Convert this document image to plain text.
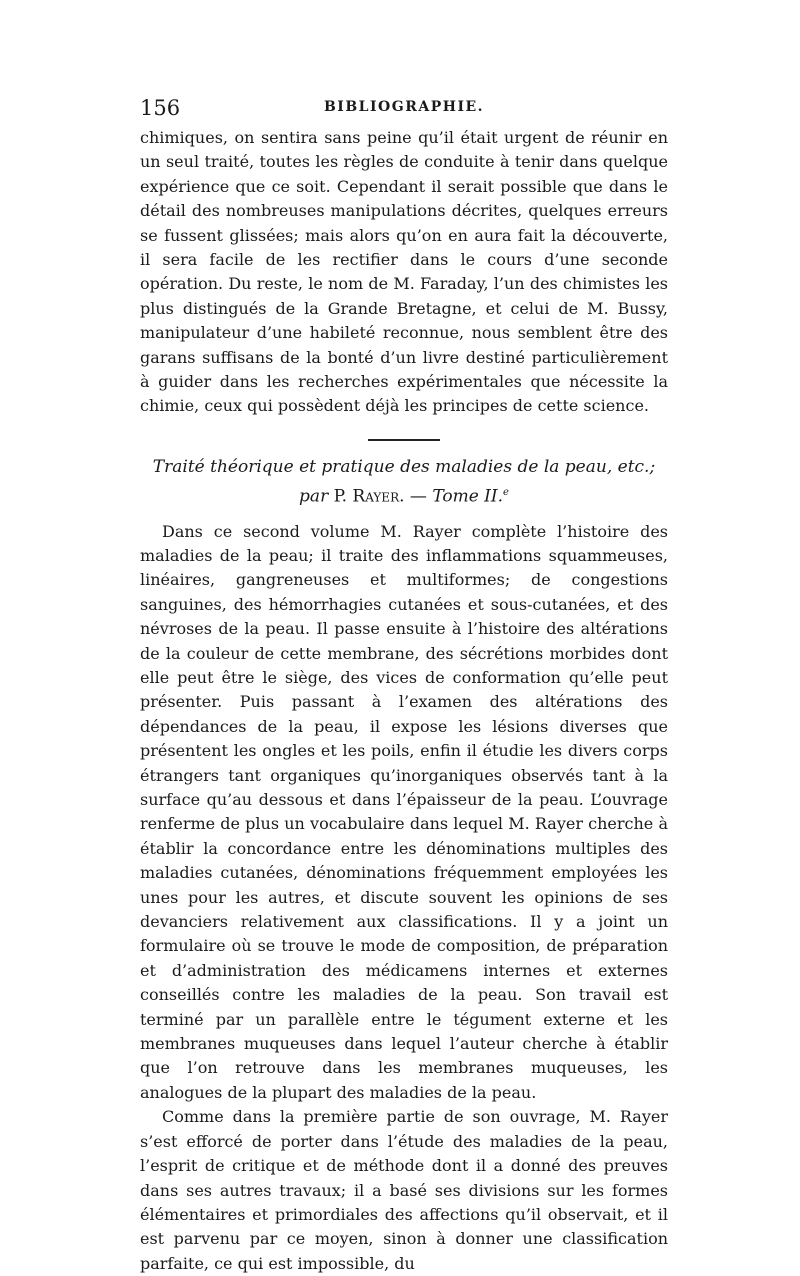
156	BIBLIOGRAPHIE.

chimiques, on sentira sans peine qu’il était urgent de réunir en un seul traité, toutes les règles de conduite à tenir dans quelque expérience que ce soit. Cependant il serait possible que dans le détail des nombreuses manipulations décrites, quelques erreurs se fussent glissées; mais alors qu’on en aura fait la découverte, il sera facile de les rectifier dans le cours d’une seconde opération. Du reste, le nom de M. Faraday, l’un des chimistes les plus distingués de la Grande Bretagne, et celui de M. Bussy, manipulateur d’une habileté reconnue, nous semblent être des garans suffisans de la bonté d’un livre destiné particulièrement à guider dans les recherches expérimentales que nécessite la chimie, ceux qui possèdent déjà les principes de cette science.

Traité théorique et pratique des maladies de la peau, etc.;
par P. Rayer. — Tome II.$^e$

Dans ce second volume M. Rayer complète l’histoire des maladies de la peau; il traite des inflammations squammeuses, linéaires, gangreneuses et multiformes; de congestions sanguines, des hémorrhagies cutanées et sous-cutanées, et des névroses de la peau. Il passe ensuite à l’histoire des altérations de la couleur de cette membrane, des sécrétions morbides dont elle peut être le siège, des vices de conformation qu’elle peut présenter. Puis passant à l’examen des altérations des dépendances de la peau, il expose les lésions diverses que présentent les ongles et les poils, enfin il étudie les divers corps étrangers tant organiques qu’inorganiques observés tant à la surface qu’au dessous et dans l’épaisseur de la peau. L’ouvrage renferme de plus un vocabulaire dans lequel M. Rayer cherche à établir la concordance entre les dénominations multiples des maladies cutanées, dénominations fréquemment employées les unes pour les autres, et discute souvent les opinions de ses devanciers relativement aux classifications. Il y a joint un formulaire où se trouve le mode de composition, de préparation et d’administration des médicamens internes et externes conseillés contre les maladies de la peau. Son travail est terminé par un parallèle entre le tégument externe et les membranes muqueuses dans lequel l’auteur cherche à établir que l’on retrouve dans les membranes muqueuses, les analogues de la plupart des maladies de la peau.

Comme dans la première partie de son ouvrage, M. Rayer s’est efforcé de porter dans l’étude des maladies de la peau, l’esprit de critique et de méthode dont il a donné des preuves dans ses autres travaux; il a basé ses divisions sur les formes élémentaires et primordiales des affections qu’il observait, et il est parvenu par ce moyen, sinon à donner une classification parfaite, ce qui est impossible, du
